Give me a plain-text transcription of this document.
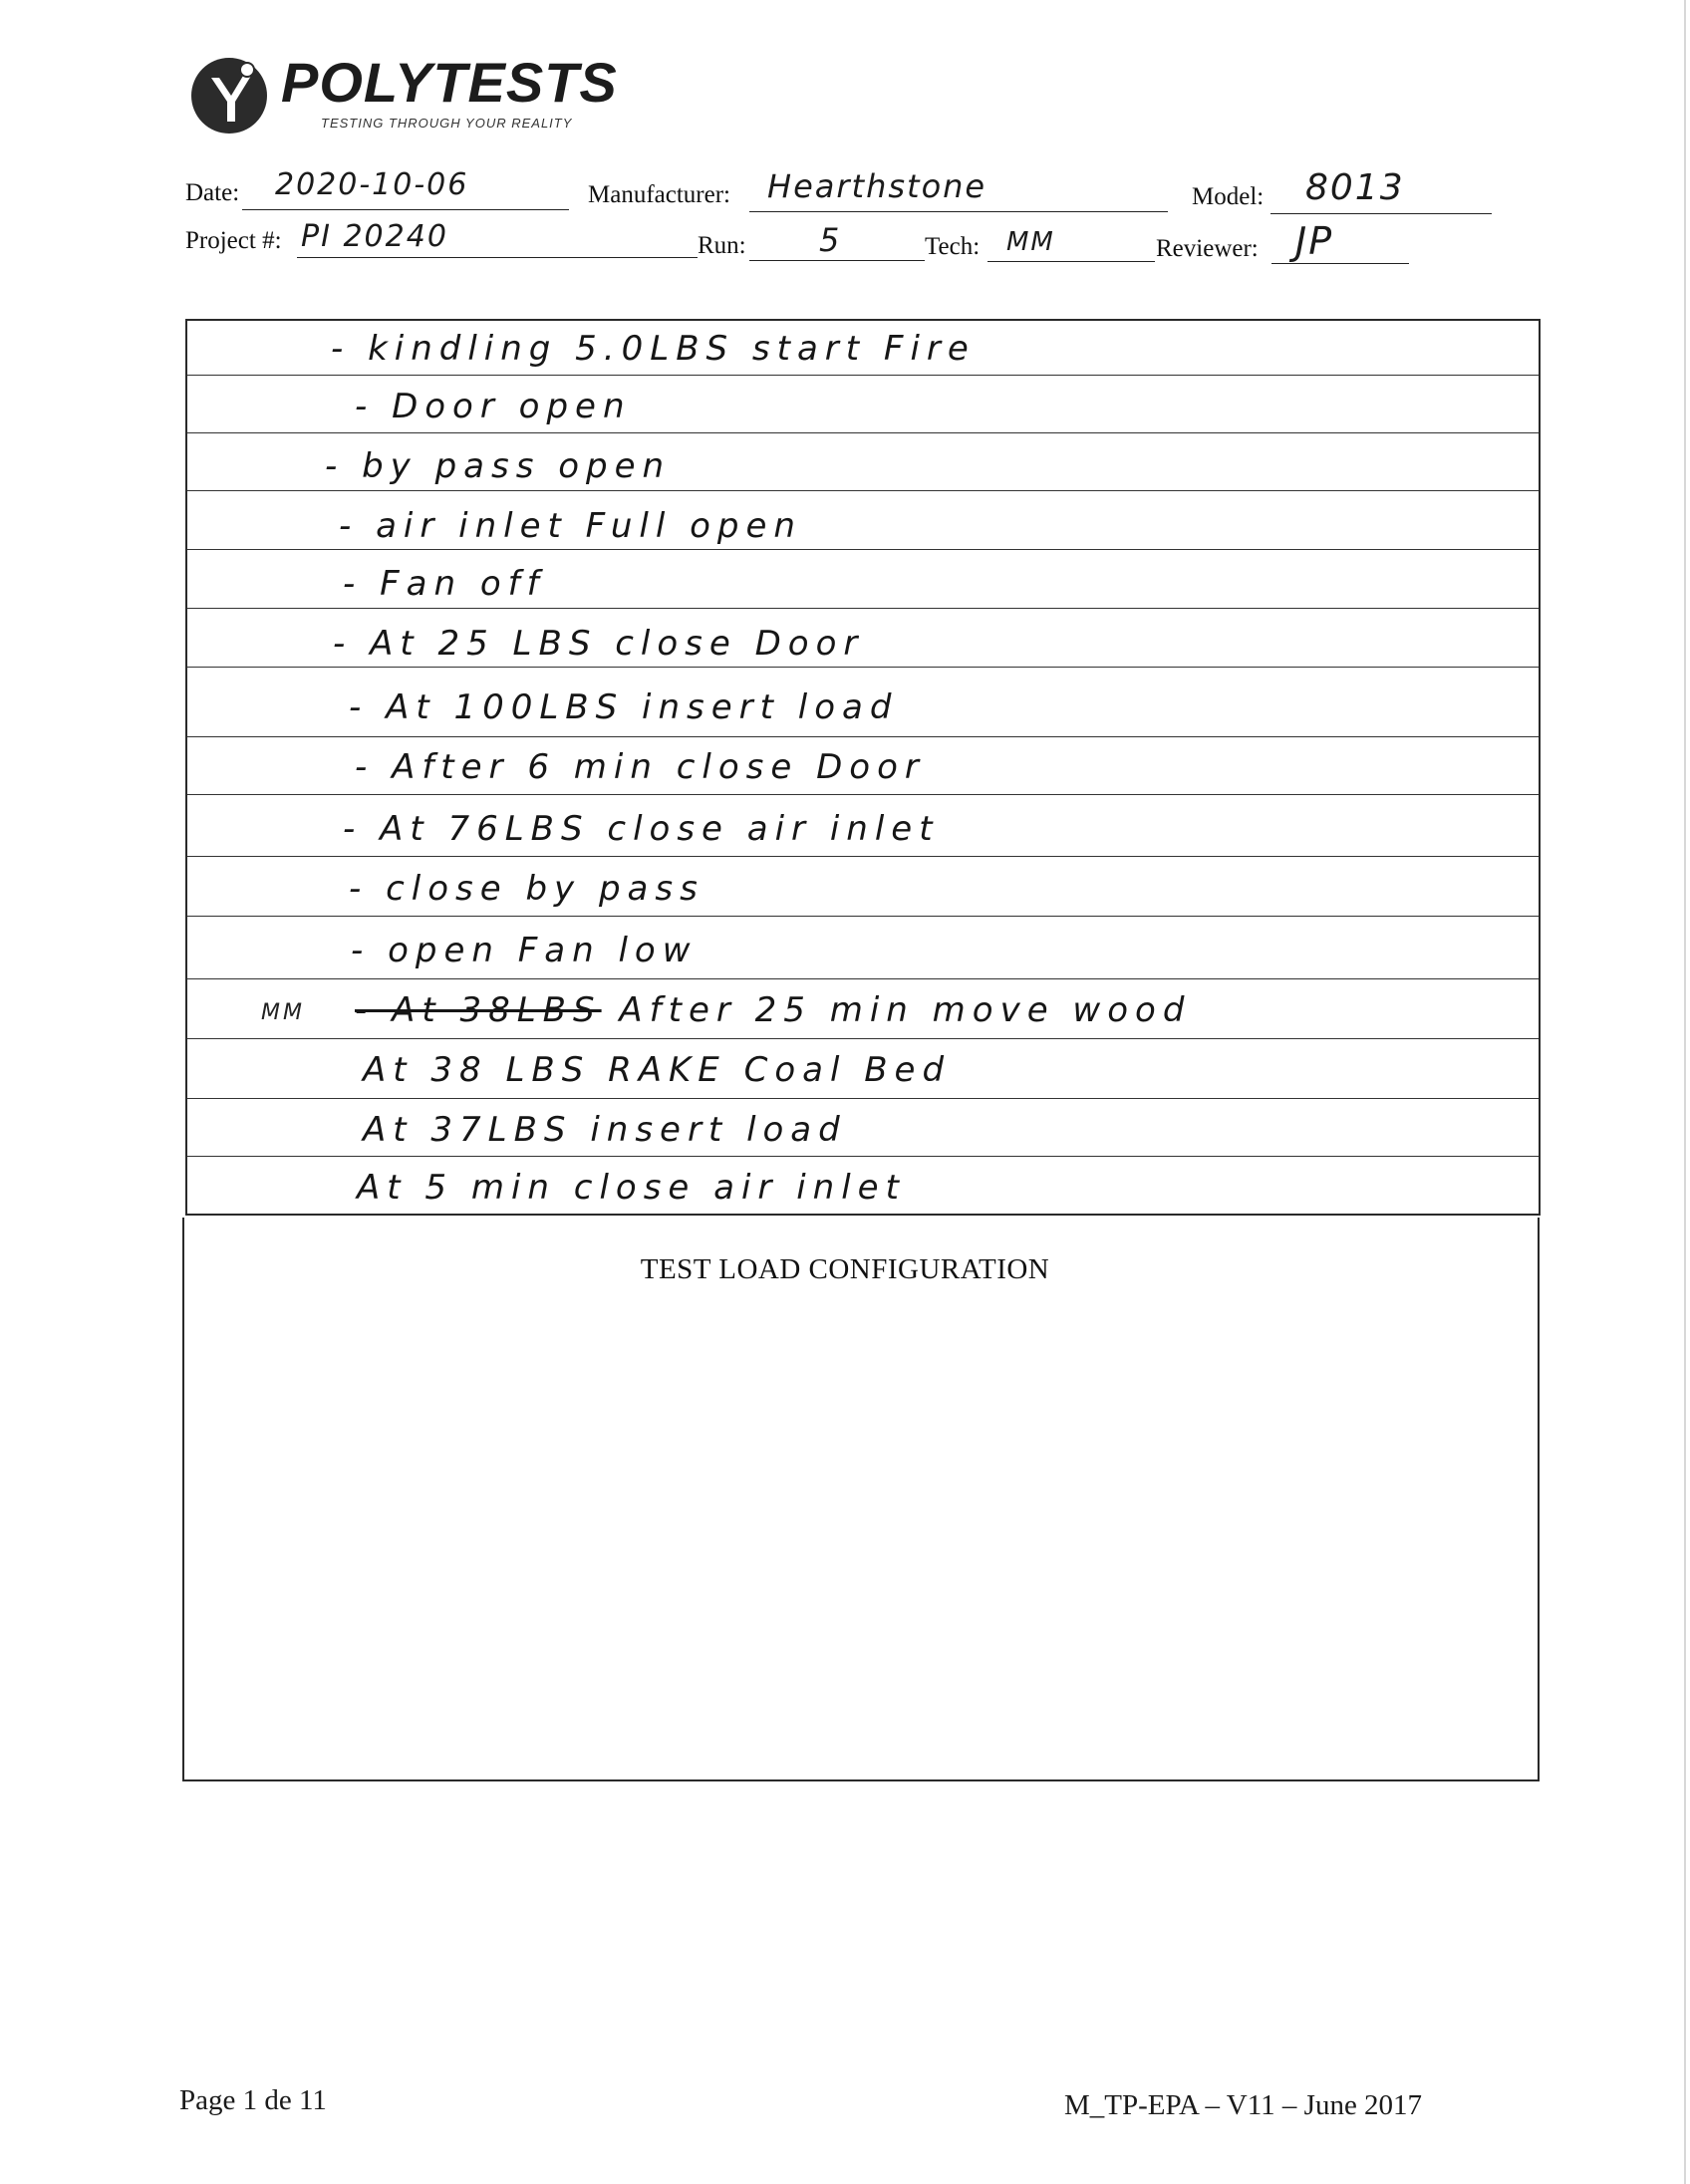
POLYTESTS
TESTING THROUGH YOUR REALITY
Date: 2020-10-06	Manufacturer: Hearthstone	Model: 8013
Project #: PI 20240	Run: 5	Tech: MM	Reviewer: JP
- kindling 5.0LBS start Fire
- Door open
- by pass open
- air inlet Full open
- Fan off
- At 25 LBS close Door
- At 100LBS insert load
- After 6 min close Door
- At 76LBS close air inlet
- close by pass
- open Fan low
MM - At 38LBS After 25 min move wood
At 38 LBS RAKE Coal Bed
At 37LBS insert load
At 5 min close air inlet
TEST LOAD CONFIGURATION
Page 1 de 11	M_TP-EPA – V11 – June 2017
